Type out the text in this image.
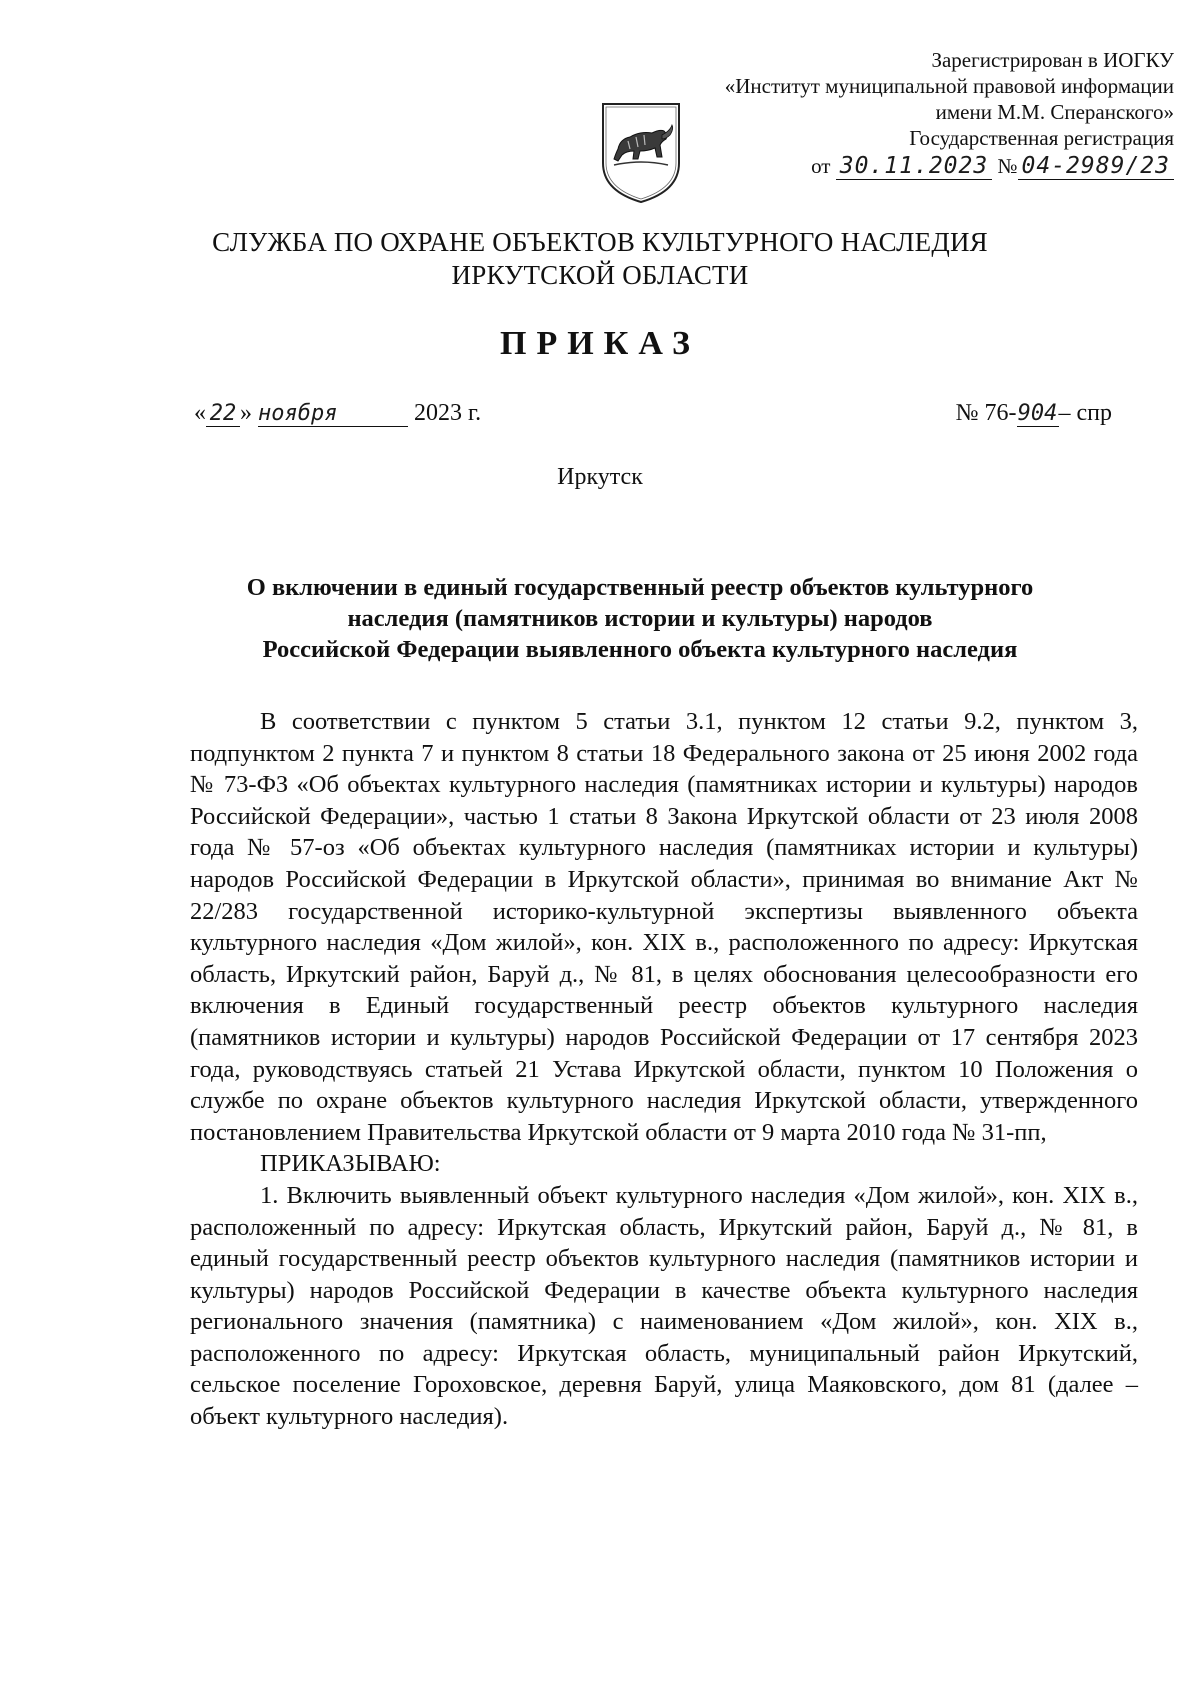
Зарегистрирован в ИОГКУ
«Институт муниципальной правовой информации
имени М.М. Сперанского»
Государственная регистрация
от 30.11.2023 № 04-2989/23
СЛУЖБА ПО ОХРАНЕ ОБЪЕКТОВ КУЛЬТУРНОГО НАСЛЕДИЯ
ИРКУТСКОЙ ОБЛАСТИ
ПРИКАЗ
« 22 » ноября	2023 г.	№ 76-904– спр
Иркутск
О включении в единый государственный реестр объектов культурного
наследия (памятников истории и культуры) народов
Российской Федерации выявленного объекта культурного наследия

В соответствии с пунктом 5 статьи 3.1, пунктом 12 статьи 9.2, пунктом 3, подпунктом 2 пункта 7 и пунктом 8 статьи 18 Федерального закона от 25 июня 2002 года № 73-ФЗ «Об объектах культурного наследия (памятниках истории и культуры) народов Российской Федерации», частью 1 статьи 8 Закона Иркутской области от 23 июля 2008 года № 57-оз «Об объектах культурного наследия (памятниках истории и культуры) народов Российской Федерации в Иркутской области», принимая во внимание Акт № 22/283 государственной историко-культурной экспертизы выявленного объекта культурного наследия «Дом жилой», кон. XIX в., расположенного по адресу: Иркутская область, Иркутский район, Баруй д., № 81, в целях обоснования целесообразности его включения в Единый государственный реестр объектов культурного наследия (памятников истории и культуры) народов Российской Федерации от 17 сентября 2023 года, руководствуясь статьей 21 Устава Иркутской области, пунктом 10 Положения о службе по охране объектов культурного наследия Иркутской области, утвержденного постановлением Правительства Иркутской области от 9 марта 2010 года № 31-пп,

ПРИКАЗЫВАЮ:

1. Включить выявленный объект культурного наследия «Дом жилой», кон. XIX в., расположенный по адресу: Иркутская область, Иркутский район, Баруй д., № 81, в единый государственный реестр объектов культурного наследия (памятников истории и культуры) народов Российской Федерации в качестве объекта культурного наследия регионального значения (памятника) с наименованием «Дом жилой», кон. XIX в., расположенного по адресу: Иркутская область, муниципальный район Иркутский, сельское поселение Гороховское, деревня Баруй, улица Маяковского, дом 81 (далее – объект культурного наследия).
